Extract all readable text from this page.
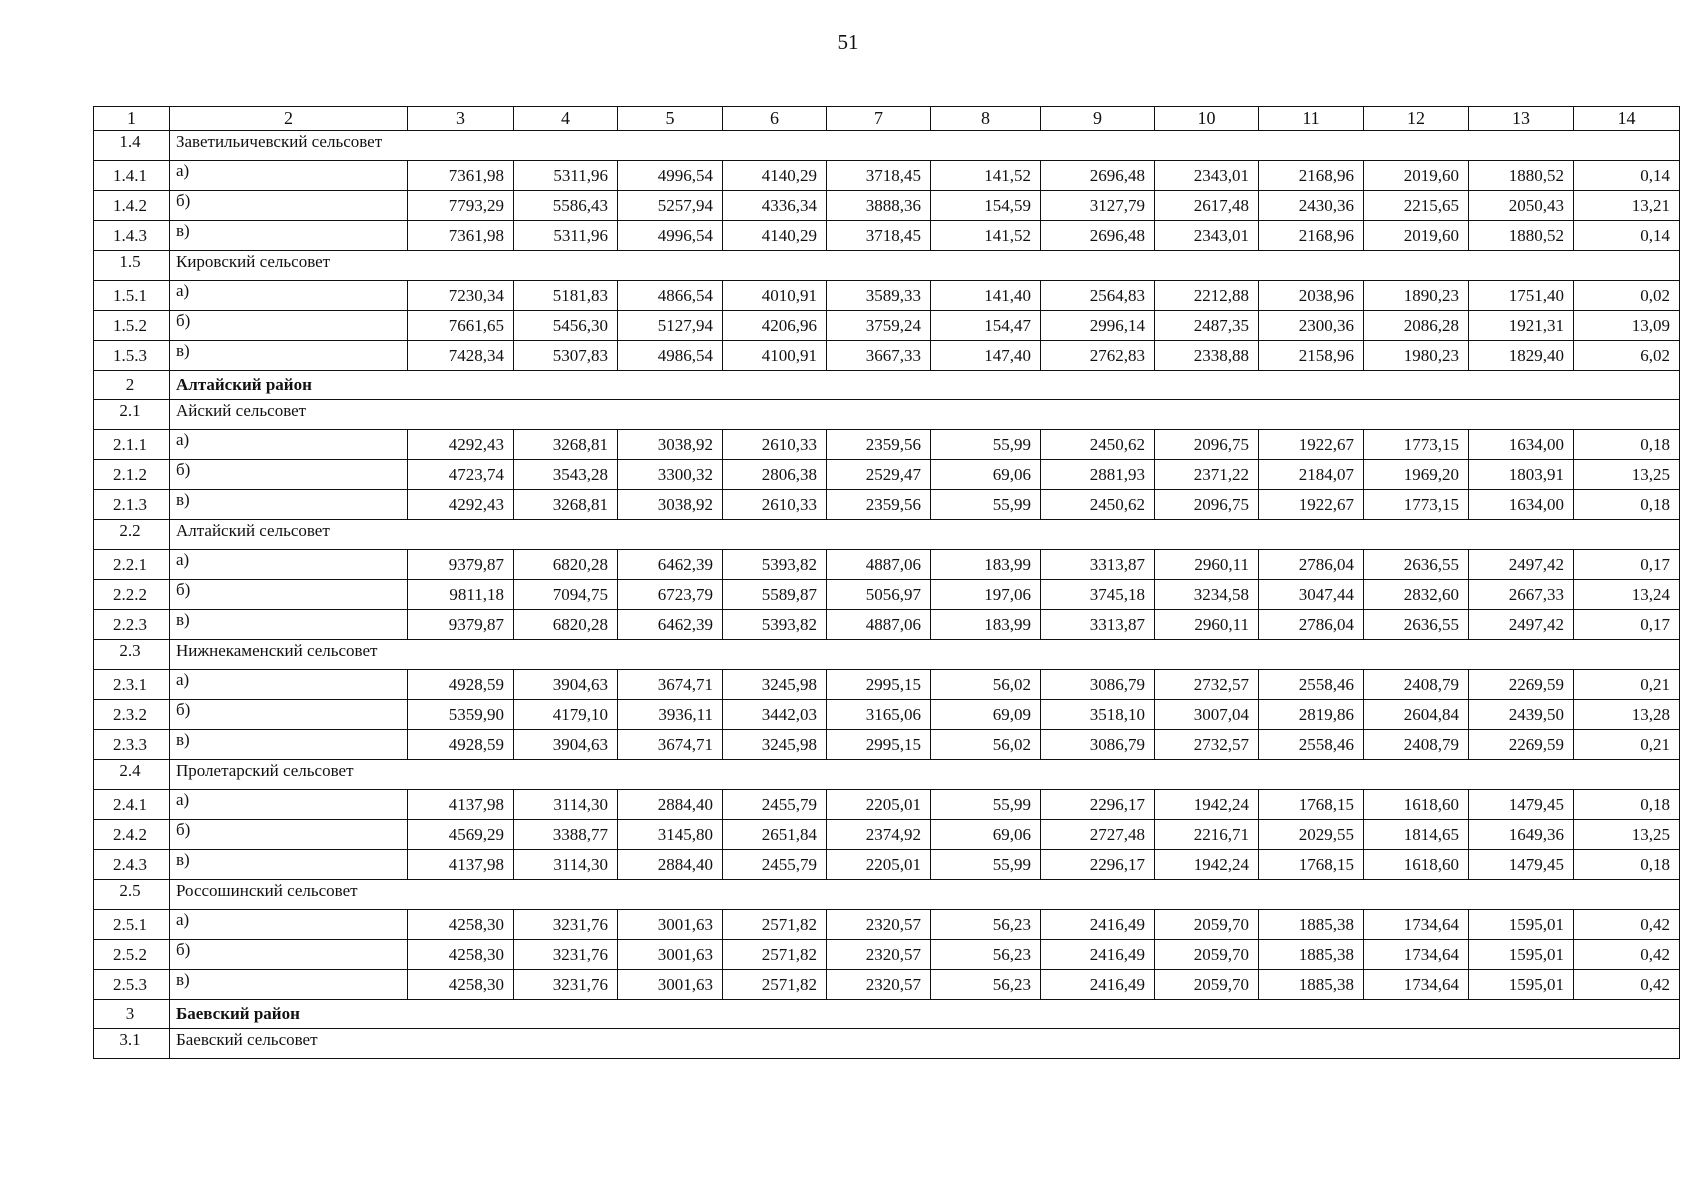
51
1	2	3	4	5	6	7	8	9	10	11	12	13	14
1.4	Заветильичевский сельсовет												
1.4.1	а)	7361,98	5311,96	4996,54	4140,29	3718,45	141,52	2696,48	2343,01	2168,96	2019,60	1880,52	0,14
1.4.2	б)	7793,29	5586,43	5257,94	4336,34	3888,36	154,59	3127,79	2617,48	2430,36	2215,65	2050,43	13,21
1.4.3	в)	7361,98	5311,96	4996,54	4140,29	3718,45	141,52	2696,48	2343,01	2168,96	2019,60	1880,52	0,14
1.5	Кировский сельсовет												
1.5.1	а)	7230,34	5181,83	4866,54	4010,91	3589,33	141,40	2564,83	2212,88	2038,96	1890,23	1751,40	0,02
1.5.2	б)	7661,65	5456,30	5127,94	4206,96	3759,24	154,47	2996,14	2487,35	2300,36	2086,28	1921,31	13,09
1.5.3	в)	7428,34	5307,83	4986,54	4100,91	3667,33	147,40	2762,83	2338,88	2158,96	1980,23	1829,40	6,02
2	Алтайский район												
2.1	Айский сельсовет												
2.1.1	а)	4292,43	3268,81	3038,92	2610,33	2359,56	55,99	2450,62	2096,75	1922,67	1773,15	1634,00	0,18
2.1.2	б)	4723,74	3543,28	3300,32	2806,38	2529,47	69,06	2881,93	2371,22	2184,07	1969,20	1803,91	13,25
2.1.3	в)	4292,43	3268,81	3038,92	2610,33	2359,56	55,99	2450,62	2096,75	1922,67	1773,15	1634,00	0,18
2.2	Алтайский сельсовет												
2.2.1	а)	9379,87	6820,28	6462,39	5393,82	4887,06	183,99	3313,87	2960,11	2786,04	2636,55	2497,42	0,17
2.2.2	б)	9811,18	7094,75	6723,79	5589,87	5056,97	197,06	3745,18	3234,58	3047,44	2832,60	2667,33	13,24
2.2.3	в)	9379,87	6820,28	6462,39	5393,82	4887,06	183,99	3313,87	2960,11	2786,04	2636,55	2497,42	0,17
2.3	Нижнекаменский сельсовет												
2.3.1	а)	4928,59	3904,63	3674,71	3245,98	2995,15	56,02	3086,79	2732,57	2558,46	2408,79	2269,59	0,21
2.3.2	б)	5359,90	4179,10	3936,11	3442,03	3165,06	69,09	3518,10	3007,04	2819,86	2604,84	2439,50	13,28
2.3.3	в)	4928,59	3904,63	3674,71	3245,98	2995,15	56,02	3086,79	2732,57	2558,46	2408,79	2269,59	0,21
2.4	Пролетарский сельсовет												
2.4.1	а)	4137,98	3114,30	2884,40	2455,79	2205,01	55,99	2296,17	1942,24	1768,15	1618,60	1479,45	0,18
2.4.2	б)	4569,29	3388,77	3145,80	2651,84	2374,92	69,06	2727,48	2216,71	2029,55	1814,65	1649,36	13,25
2.4.3	в)	4137,98	3114,30	2884,40	2455,79	2205,01	55,99	2296,17	1942,24	1768,15	1618,60	1479,45	0,18
2.5	Россошинский сельсовет												
2.5.1	а)	4258,30	3231,76	3001,63	2571,82	2320,57	56,23	2416,49	2059,70	1885,38	1734,64	1595,01	0,42
2.5.2	б)	4258,30	3231,76	3001,63	2571,82	2320,57	56,23	2416,49	2059,70	1885,38	1734,64	1595,01	0,42
2.5.3	в)	4258,30	3231,76	3001,63	2571,82	2320,57	56,23	2416,49	2059,70	1885,38	1734,64	1595,01	0,42
3	Баевский район												
3.1	Баевский сельсовет												
